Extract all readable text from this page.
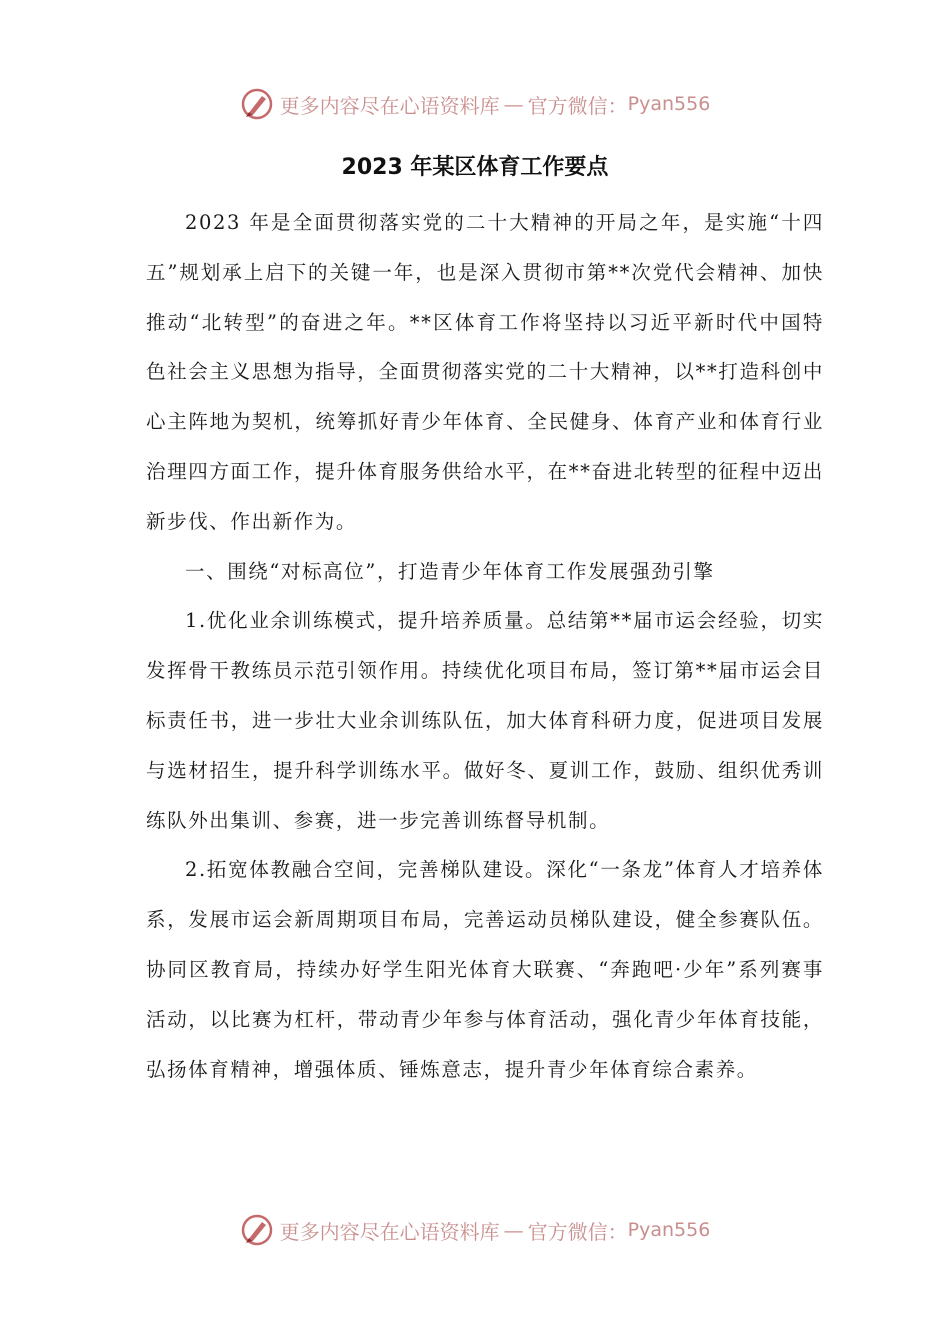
更多内容尽在心语资料库 — 官方微信： Pyan556
2023 年某区体育工作要点

2023 年是全面贯彻落实党的二十大精神的开局之年，是实施“十四五”规划承上启下的关键一年，也是深入贯彻市第**次党代会精神、加快推动“北转型”的奋进之年。**区体育工作将坚持以习近平新时代中国特色社会主义思想为指导，全面贯彻落实党的二十大精神，以**打造科创中心主阵地为契机，统筹抓好青少年体育、全民健身、体育产业和体育行业治理四方面工作，提升体育服务供给水平，在**奋进北转型的征程中迈出新步伐、作出新作为。

一、围绕“对标高位”，打造青少年体育工作发展强劲引擎

1.优化业余训练模式，提升培养质量。总结第**届市运会经验，切实发挥骨干教练员示范引领作用。持续优化项目布局，签订第**届市运会目标责任书，进一步壮大业余训练队伍，加大体育科研力度，促进项目发展与选材招生，提升科学训练水平。做好冬、夏训工作，鼓励、组织优秀训练队外出集训、参赛，进一步完善训练督导机制。

2.拓宽体教融合空间，完善梯队建设。深化“一条龙”体育人才培养体系，发展市运会新周期项目布局，完善运动员梯队建设，健全参赛队伍。协同区教育局，持续办好学生阳光体育大联赛、“奔跑吧·少年”系列赛事活动，以比赛为杠杆，带动青少年参与体育活动，强化青少年体育技能，弘扬体育精神，增强体质、锤炼意志，提升青少年体育综合素养。

更多内容尽在心语资料库 — 官方微信： Pyan556
